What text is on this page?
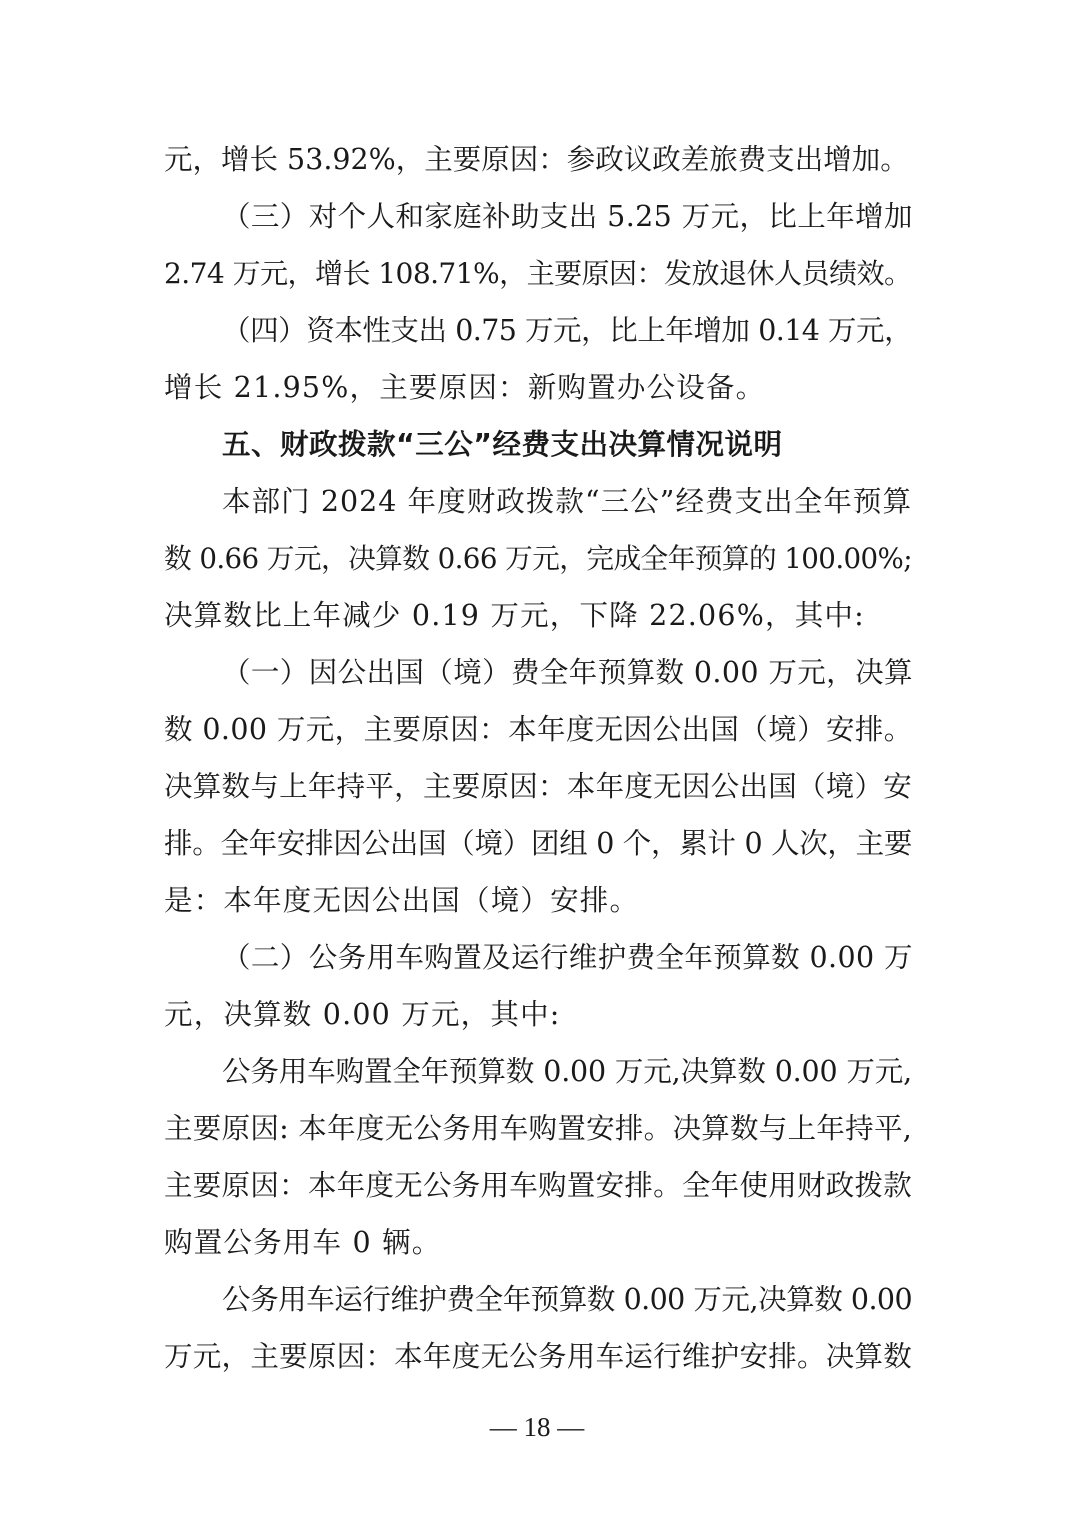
元，增长 53.92%，主要原因：参政议政差旅费支出增加。
（三）对个人和家庭补助支出 5.25 万元，比上年增加
2.74 万元，增长 108.71%，主要原因：发放退休人员绩效。
（四）资本性支出 0.75 万元，比上年增加 0.14 万元，
增长 21.95%，主要原因：新购置办公设备。
五、财政拨款“三公”经费支出决算情况说明
本部门 2024 年度财政拨款“三公”经费支出全年预算
数 0.66 万元，决算数 0.66 万元，完成全年预算的 100.00%;
决算数比上年减少 0.19 万元，下降 22.06%，其中:
（一）因公出国（境）费全年预算数 0.00 万元，决算
数 0.00 万元，主要原因：本年度无因公出国（境）安排。
决算数与上年持平，主要原因：本年度无因公出国（境）安
排。全年安排因公出国（境）团组 0 个，累计 0 人次，主要
是：本年度无因公出国（境）安排。
（二）公务用车购置及运行维护费全年预算数 0.00 万
元，决算数 0.00 万元，其中:
公务用车购置全年预算数 0.00 万元,决算数 0.00 万元,
主要原因: 本年度无公务用车购置安排。决算数与上年持平,
主要原因：本年度无公务用车购置安排。全年使用财政拨款
购置公务用车 0 辆。
公务用车运行维护费全年预算数 0.00 万元,决算数 0.00
万元，主要原因：本年度无公务用车运行维护安排。决算数
— 18 —
